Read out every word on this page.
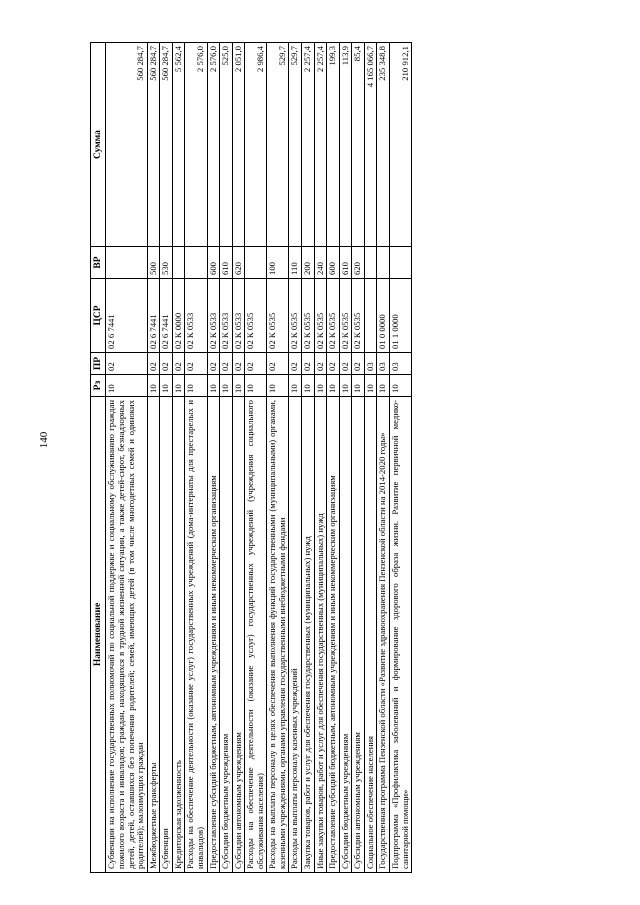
140
Наименование	Рз	ПР	ЦСР	ВР	Сумма
Субвенции на исполнение государственных полномочий по социальной поддержке и социальному обслуживанию граждан пожилого возраста и инвалидов; граждан, находящихся в трудной жизненной ситуации, а также детей-сирот, безнадзорных детей, детей, оставшихся без попечения родителей; семей, имеющих детей (в том числе многодетных семей и одиноких родителей); малоимущих граждан	10	02	02 6 7441		560 284,7
Межбюджетные трансферты	10	02	02 6 7441	500	560 284,7
Субвенции	10	02	02 6 7441	530	560 284,7
Кредиторская задолженность	10	02	02 К 0000		5 562,4
Расходы на обеспечение деятельности (оказание услуг) государственных учреждений (дома-интернаты для престарелых и инвалидов)	10	02	02 К 0533		2 576,0
Предоставление субсидий бюджетным, автономным учреждениям и иным некоммерческим организациям	10	02	02 К 0533	600	2 576,0
Субсидии бюджетным учреждениям	10	02	02 К 0533	610	525,0
Субсидии автономным учреждениям	10	02	02 К 0533	620	2 051,0
Расходы на обеспечение деятельности (оказание услуг) государственных учреждений (учреждения социального обслуживания населения)	10	02	02 К 0535		2 986,4
Расходы на выплаты персоналу в целях обеспечения выполнения функций государственными (муниципальными) органами, казенными учреждениями, органами управления государственными внебюджетными фондами	10	02	02 К 0535	100	529,7
Расходы на выплаты персоналу казенных учреждений	10	02	02 К 0535	110	529,7
Закупка товаров, работ и услуг для обеспечения государственных (муниципальных) нужд	10	02	02 К 0535	200	2 257,4
Иные закупки товаров, работ и услуг для обеспечения государственных (муниципальных) нужд	10	02	02 К 0535	240	2 257,4
Предоставление субсидий бюджетным, автономным учреждениям и иным некоммерческим организациям	10	02	02 К 0535	600	199,3
Субсидии бюджетным учреждениям	10	02	02 К 0535	610	113,9
Субсидии автономным учреждениям	10	02	02 К 0535	620	85,4
Социальное обеспечение населения	10	03			4 165 066,7
Государственная программа Пензенской области «Развитие здравоохранения Пензенской области на 2014-2020 годы»	10	03	01 0 0000		235 348,8
Подпрограмма «Профилактика заболеваний и формирование здорового образа жизни. Развитие первичной медико-санитарной помощи»	10	03	01 1 0000		210 912,1
